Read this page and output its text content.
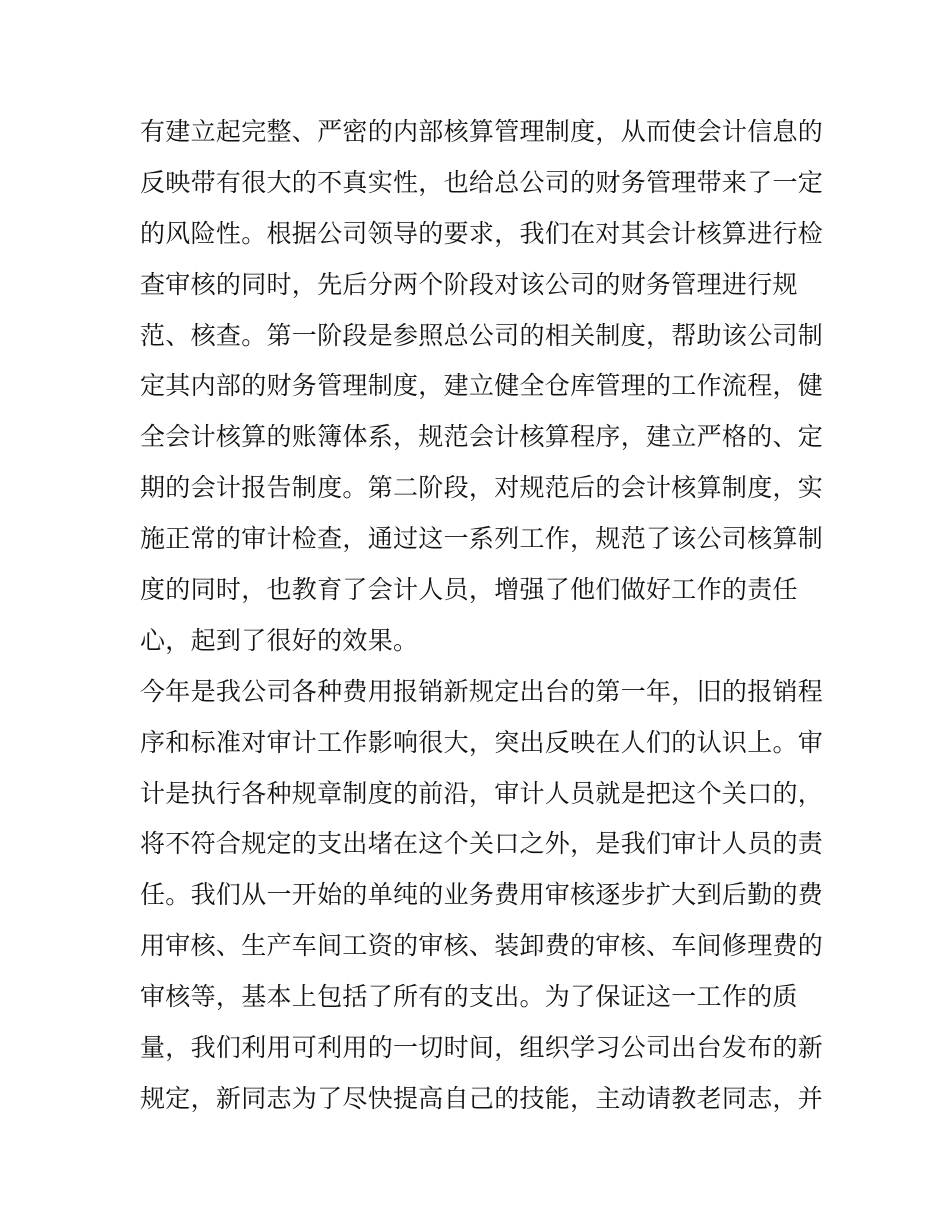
有建立起完整、严密的内部核算管理制度，从而使会计信息的
反映带有很大的不真实性，也给总公司的财务管理带来了一定
的风险性。根据公司领导的要求，我们在对其会计核算进行检
查审核的同时，先后分两个阶段对该公司的财务管理进行规
范、核查。第一阶段是参照总公司的相关制度，帮助该公司制
定其内部的财务管理制度，建立健全仓库管理的工作流程，健
全会计核算的账簿体系，规范会计核算程序，建立严格的、定
期的会计报告制度。第二阶段，对规范后的会计核算制度，实
施正常的审计检查，通过这一系列工作，规范了该公司核算制
度的同时，也教育了会计人员，增强了他们做好工作的责任
心，起到了很好的效果。
今年是我公司各种费用报销新规定出台的第一年，旧的报销程
序和标准对审计工作影响很大，突出反映在人们的认识上。审
计是执行各种规章制度的前沿，审计人员就是把这个关口的，
将不符合规定的支出堵在这个关口之外，是我们审计人员的责
任。我们从一开始的单纯的业务费用审核逐步扩大到后勤的费
用审核、生产车间工资的审核、装卸费的审核、车间修理费的
审核等，基本上包括了所有的支出。为了保证这一工作的质
量，我们利用可利用的一切时间，组织学习公司出台发布的新
规定，新同志为了尽快提高自己的技能，主动请教老同志，并
